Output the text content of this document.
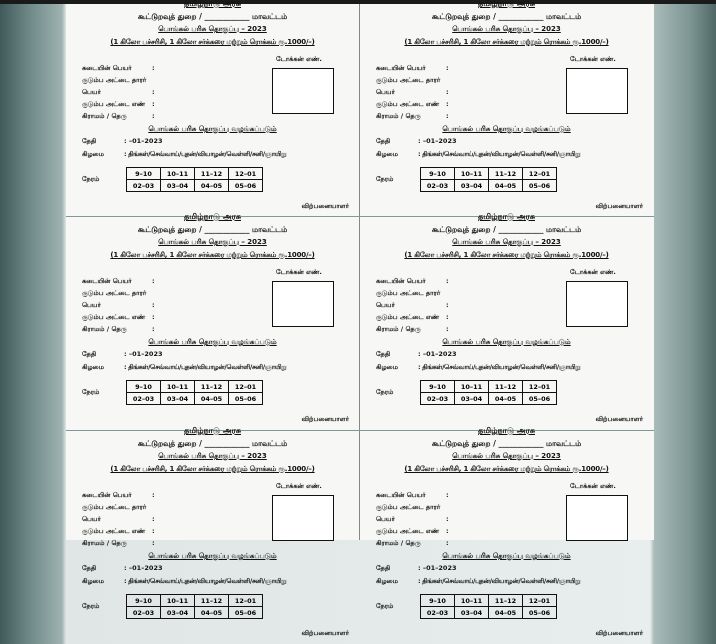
தமிழ்நாடு அரசு
கூட்டுறவுத் துறை / ____________ மாவட்டம்
பொங்கல் பரிசு தொகுப்பு – 2023
(1 கிலோ பச்சரிசி, 1 கிலோ சர்க்கரை மற்றும் ரொக்கம் ரூ.1000/–)
டோக்கன் எண்.
கடையின் பெயர்	:
குடும்ப அட்டை தாரர்
பெயர்	:
குடும்ப அட்டை எண் :
கிராமம் / தெரு	:
பொங்கல் பரிசு தொகுப்பு வழங்கப்படும்
தேதி	: –01–2023
கிழமை	: திங்கள்/செவ்வாய்/புதன்/வியாழன்/வெள்ளி/சனி/ஞாயிறு
நேரம்
9–10	10–11	11–12	12–01
02–03	03–04	04–05	05–06
விற்பனையாளர்
தமிழ்நாடு அரசு
கூட்டுறவுத் துறை / ____________ மாவட்டம்
பொங்கல் பரிசு தொகுப்பு – 2023
(1 கிலோ பச்சரிசி, 1 கிலோ சர்க்கரை மற்றும் ரொக்கம் ரூ.1000/–)
டோக்கன் எண்.
கடையின் பெயர்	:
குடும்ப அட்டை தாரர்
பெயர்	:
குடும்ப அட்டை எண் :
கிராமம் / தெரு	:
பொங்கல் பரிசு தொகுப்பு வழங்கப்படும்
தேதி	: –01–2023
கிழமை	: திங்கள்/செவ்வாய்/புதன்/வியாழன்/வெள்ளி/சனி/ஞாயிறு
நேரம்
9–10	10–11	11–12	12–01
02–03	03–04	04–05	05–06
விற்பனையாளர்
தமிழ்நாடு அரசு
கூட்டுறவுத் துறை / ____________ மாவட்டம்
பொங்கல் பரிசு தொகுப்பு – 2023
(1 கிலோ பச்சரிசி, 1 கிலோ சர்க்கரை மற்றும் ரொக்கம் ரூ.1000/–)
டோக்கன் எண்.
கடையின் பெயர்	:
குடும்ப அட்டை தாரர்
பெயர்	:
குடும்ப அட்டை எண் :
கிராமம் / தெரு	:
பொங்கல் பரிசு தொகுப்பு வழங்கப்படும்
தேதி	: –01–2023
கிழமை	: திங்கள்/செவ்வாய்/புதன்/வியாழன்/வெள்ளி/சனி/ஞாயிறு
நேரம்
9–10	10–11	11–12	12–01
02–03	03–04	04–05	05–06
விற்பனையாளர்
தமிழ்நாடு அரசு
கூட்டுறவுத் துறை / ____________ மாவட்டம்
பொங்கல் பரிசு தொகுப்பு – 2023
(1 கிலோ பச்சரிசி, 1 கிலோ சர்க்கரை மற்றும் ரொக்கம் ரூ.1000/–)
டோக்கன் எண்.
கடையின் பெயர்	:
குடும்ப அட்டை தாரர்
பெயர்	:
குடும்ப அட்டை எண் :
கிராமம் / தெரு	:
பொங்கல் பரிசு தொகுப்பு வழங்கப்படும்
தேதி	: –01–2023
கிழமை	: திங்கள்/செவ்வாய்/புதன்/வியாழன்/வெள்ளி/சனி/ஞாயிறு
நேரம்
9–10	10–11	11–12	12–01
02–03	03–04	04–05	05–06
விற்பனையாளர்
தமிழ்நாடு அரசு
கூட்டுறவுத் துறை / ____________ மாவட்டம்
பொங்கல் பரிசு தொகுப்பு – 2023
(1 கிலோ பச்சரிசி, 1 கிலோ சர்க்கரை மற்றும் ரொக்கம் ரூ.1000/–)
டோக்கன் எண்.
கடையின் பெயர்	:
குடும்ப அட்டை தாரர்
பெயர்	:
குடும்ப அட்டை எண் :
கிராமம் / தெரு	:
பொங்கல் பரிசு தொகுப்பு வழங்கப்படும்
தேதி	: –01–2023
கிழமை	: திங்கள்/செவ்வாய்/புதன்/வியாழன்/வெள்ளி/சனி/ஞாயிறு
நேரம்
9–10	10–11	11–12	12–01
02–03	03–04	04–05	05–06
விற்பனையாளர்
தமிழ்நாடு அரசு
கூட்டுறவுத் துறை / ____________ மாவட்டம்
பொங்கல் பரிசு தொகுப்பு – 2023
(1 கிலோ பச்சரிசி, 1 கிலோ சர்க்கரை மற்றும் ரொக்கம் ரூ.1000/–)
டோக்கன் எண்.
கடையின் பெயர்	:
குடும்ப அட்டை தாரர்
பெயர்	:
குடும்ப அட்டை எண் :
கிராமம் / தெரு	:
பொங்கல் பரிசு தொகுப்பு வழங்கப்படும்
தேதி	: –01–2023
கிழமை	: திங்கள்/செவ்வாய்/புதன்/வியாழன்/வெள்ளி/சனி/ஞாயிறு
நேரம்
9–10	10–11	11–12	12–01
02–03	03–04	04–05	05–06
விற்பனையாளர்
